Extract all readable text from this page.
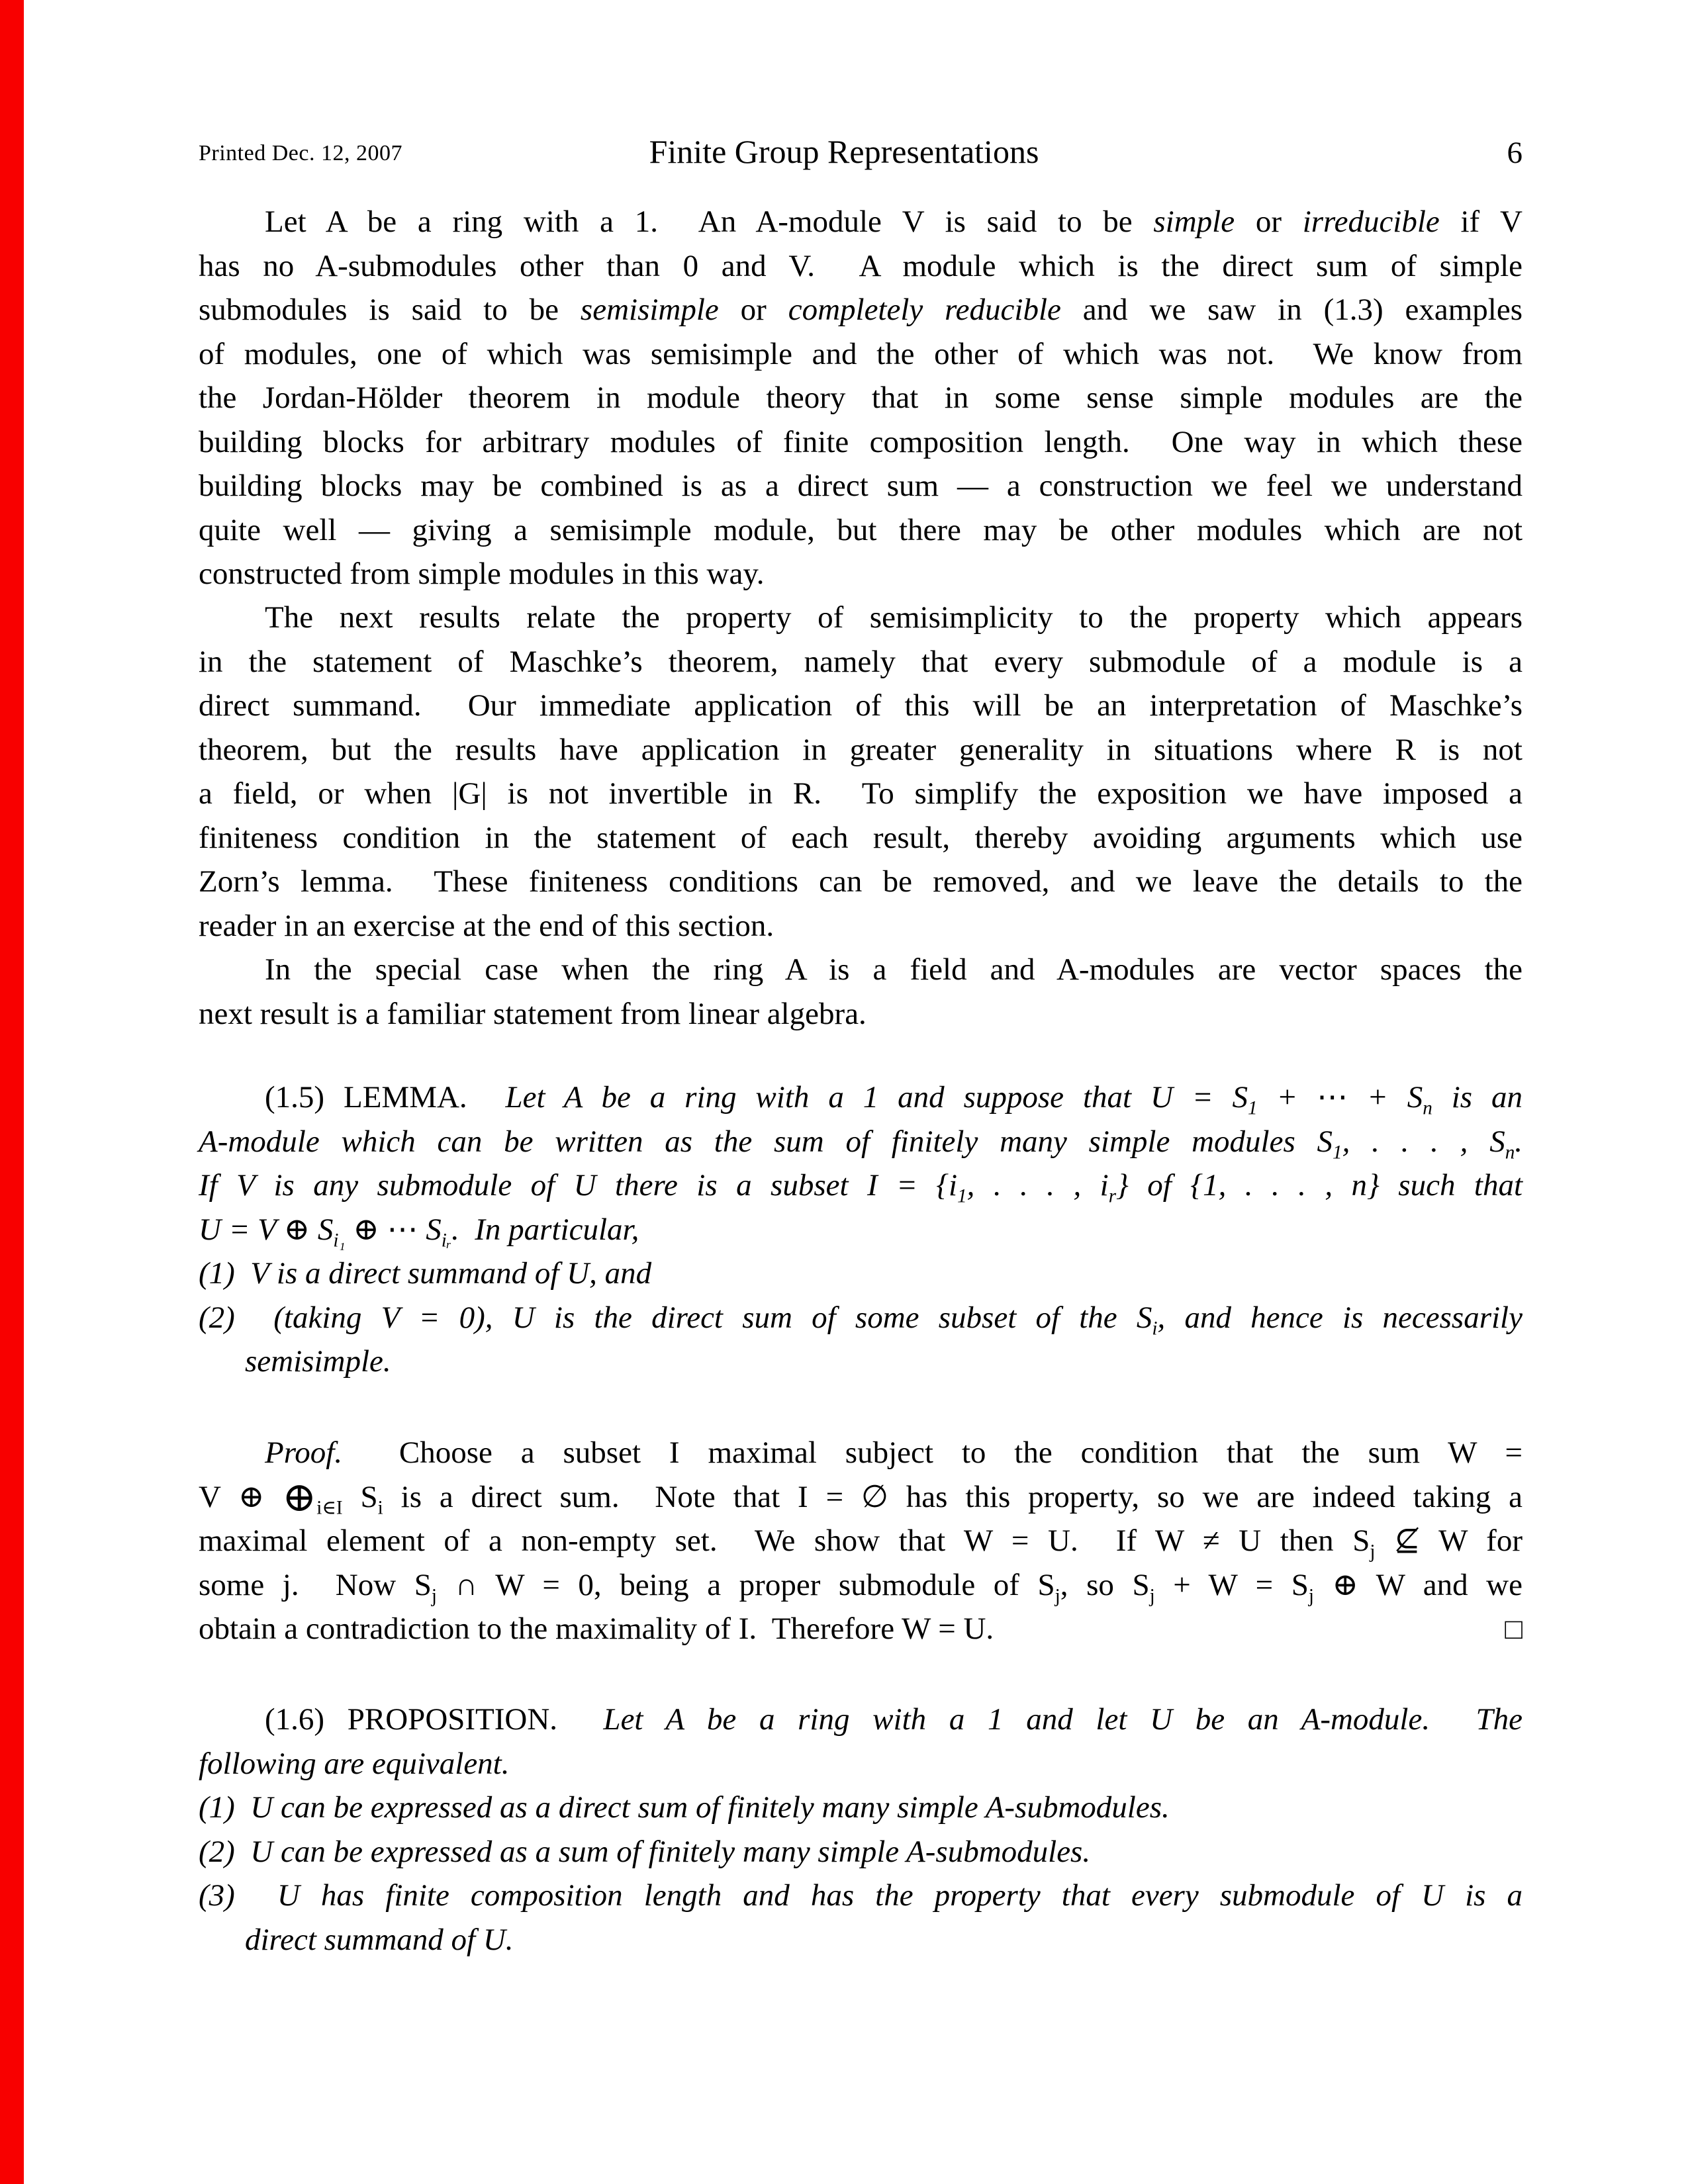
Printed Dec. 12, 2007	Finite Group Representations	6
Let A be a ring with a 1.  An A-module V is said to be simple or irreducible if V
has no A-submodules other than 0 and V.  A module which is the direct sum of simple
submodules is said to be semisimple or completely reducible and we saw in (1.3) examples
of modules, one of which was semisimple and the other of which was not.  We know from
the Jordan-Hölder theorem in module theory that in some sense simple modules are the
building blocks for arbitrary modules of finite composition length.  One way in which these
building blocks may be combined is as a direct sum — a construction we feel we understand
quite well — giving a semisimple module, but there may be other modules which are not
constructed from simple modules in this way.
The next results relate the property of semisimplicity to the property which appears
in the statement of Maschke’s theorem, namely that every submodule of a module is a
direct summand.  Our immediate application of this will be an interpretation of Maschke’s
theorem, but the results have application in greater generality in situations where R is not
a field, or when |G| is not invertible in R.  To simplify the exposition we have imposed a
finiteness condition in the statement of each result, thereby avoiding arguments which use
Zorn’s lemma.  These finiteness conditions can be removed, and we leave the details to the
reader in an exercise at the end of this section.
In the special case when the ring A is a field and A-modules are vector spaces the
next result is a familiar statement from linear algebra.
(1.5) LEMMA.  Let A be a ring with a 1 and suppose that $U = S_1$ + ⋯ + $S_n$ is an
A-module which can be written as the sum of finitely many simple modules $S_1$, . . . , $S_n$.
If V is any submodule of U there is a subset $I = \{i_1$, . . . , $i_r$} of {1, . . . , n} such that
U = V ⊕ $S_{i_1}$ ⊕ ⋯ $S_{iᵣ}$.  In particular,
(1)  V is a direct summand of U, and
(2)  (taking V = 0), U is the direct sum of some subset of the $S_i$, and hence is necessarily
semisimple.
Proof.  Choose a subset I maximal subject to the condition that the sum W =
V ⊕ $\oplus_{i\in I}$ $S_i$ is a direct sum.  Note that I = ∅ has this property, so we are indeed taking a
maximal element of a non-empty set.  We show that W = U.  If W ≠ U then $S_j$ ⊈ W for
some j.  Now $S_j$ ∩ W = 0, being a proper submodule of $S_j$, so $S_j + W = S_j$ ⊕ W and we
obtain a contradiction to the maximality of I.  Therefore W = U.	□
(1.6) PROPOSITION.  Let A be a ring with a 1 and let U be an A-module.  The
following are equivalent.
(1)  U can be expressed as a direct sum of finitely many simple A-submodules.
(2)  U can be expressed as a sum of finitely many simple A-submodules.
(3)  U has finite composition length and has the property that every submodule of U is a
direct summand of U.
